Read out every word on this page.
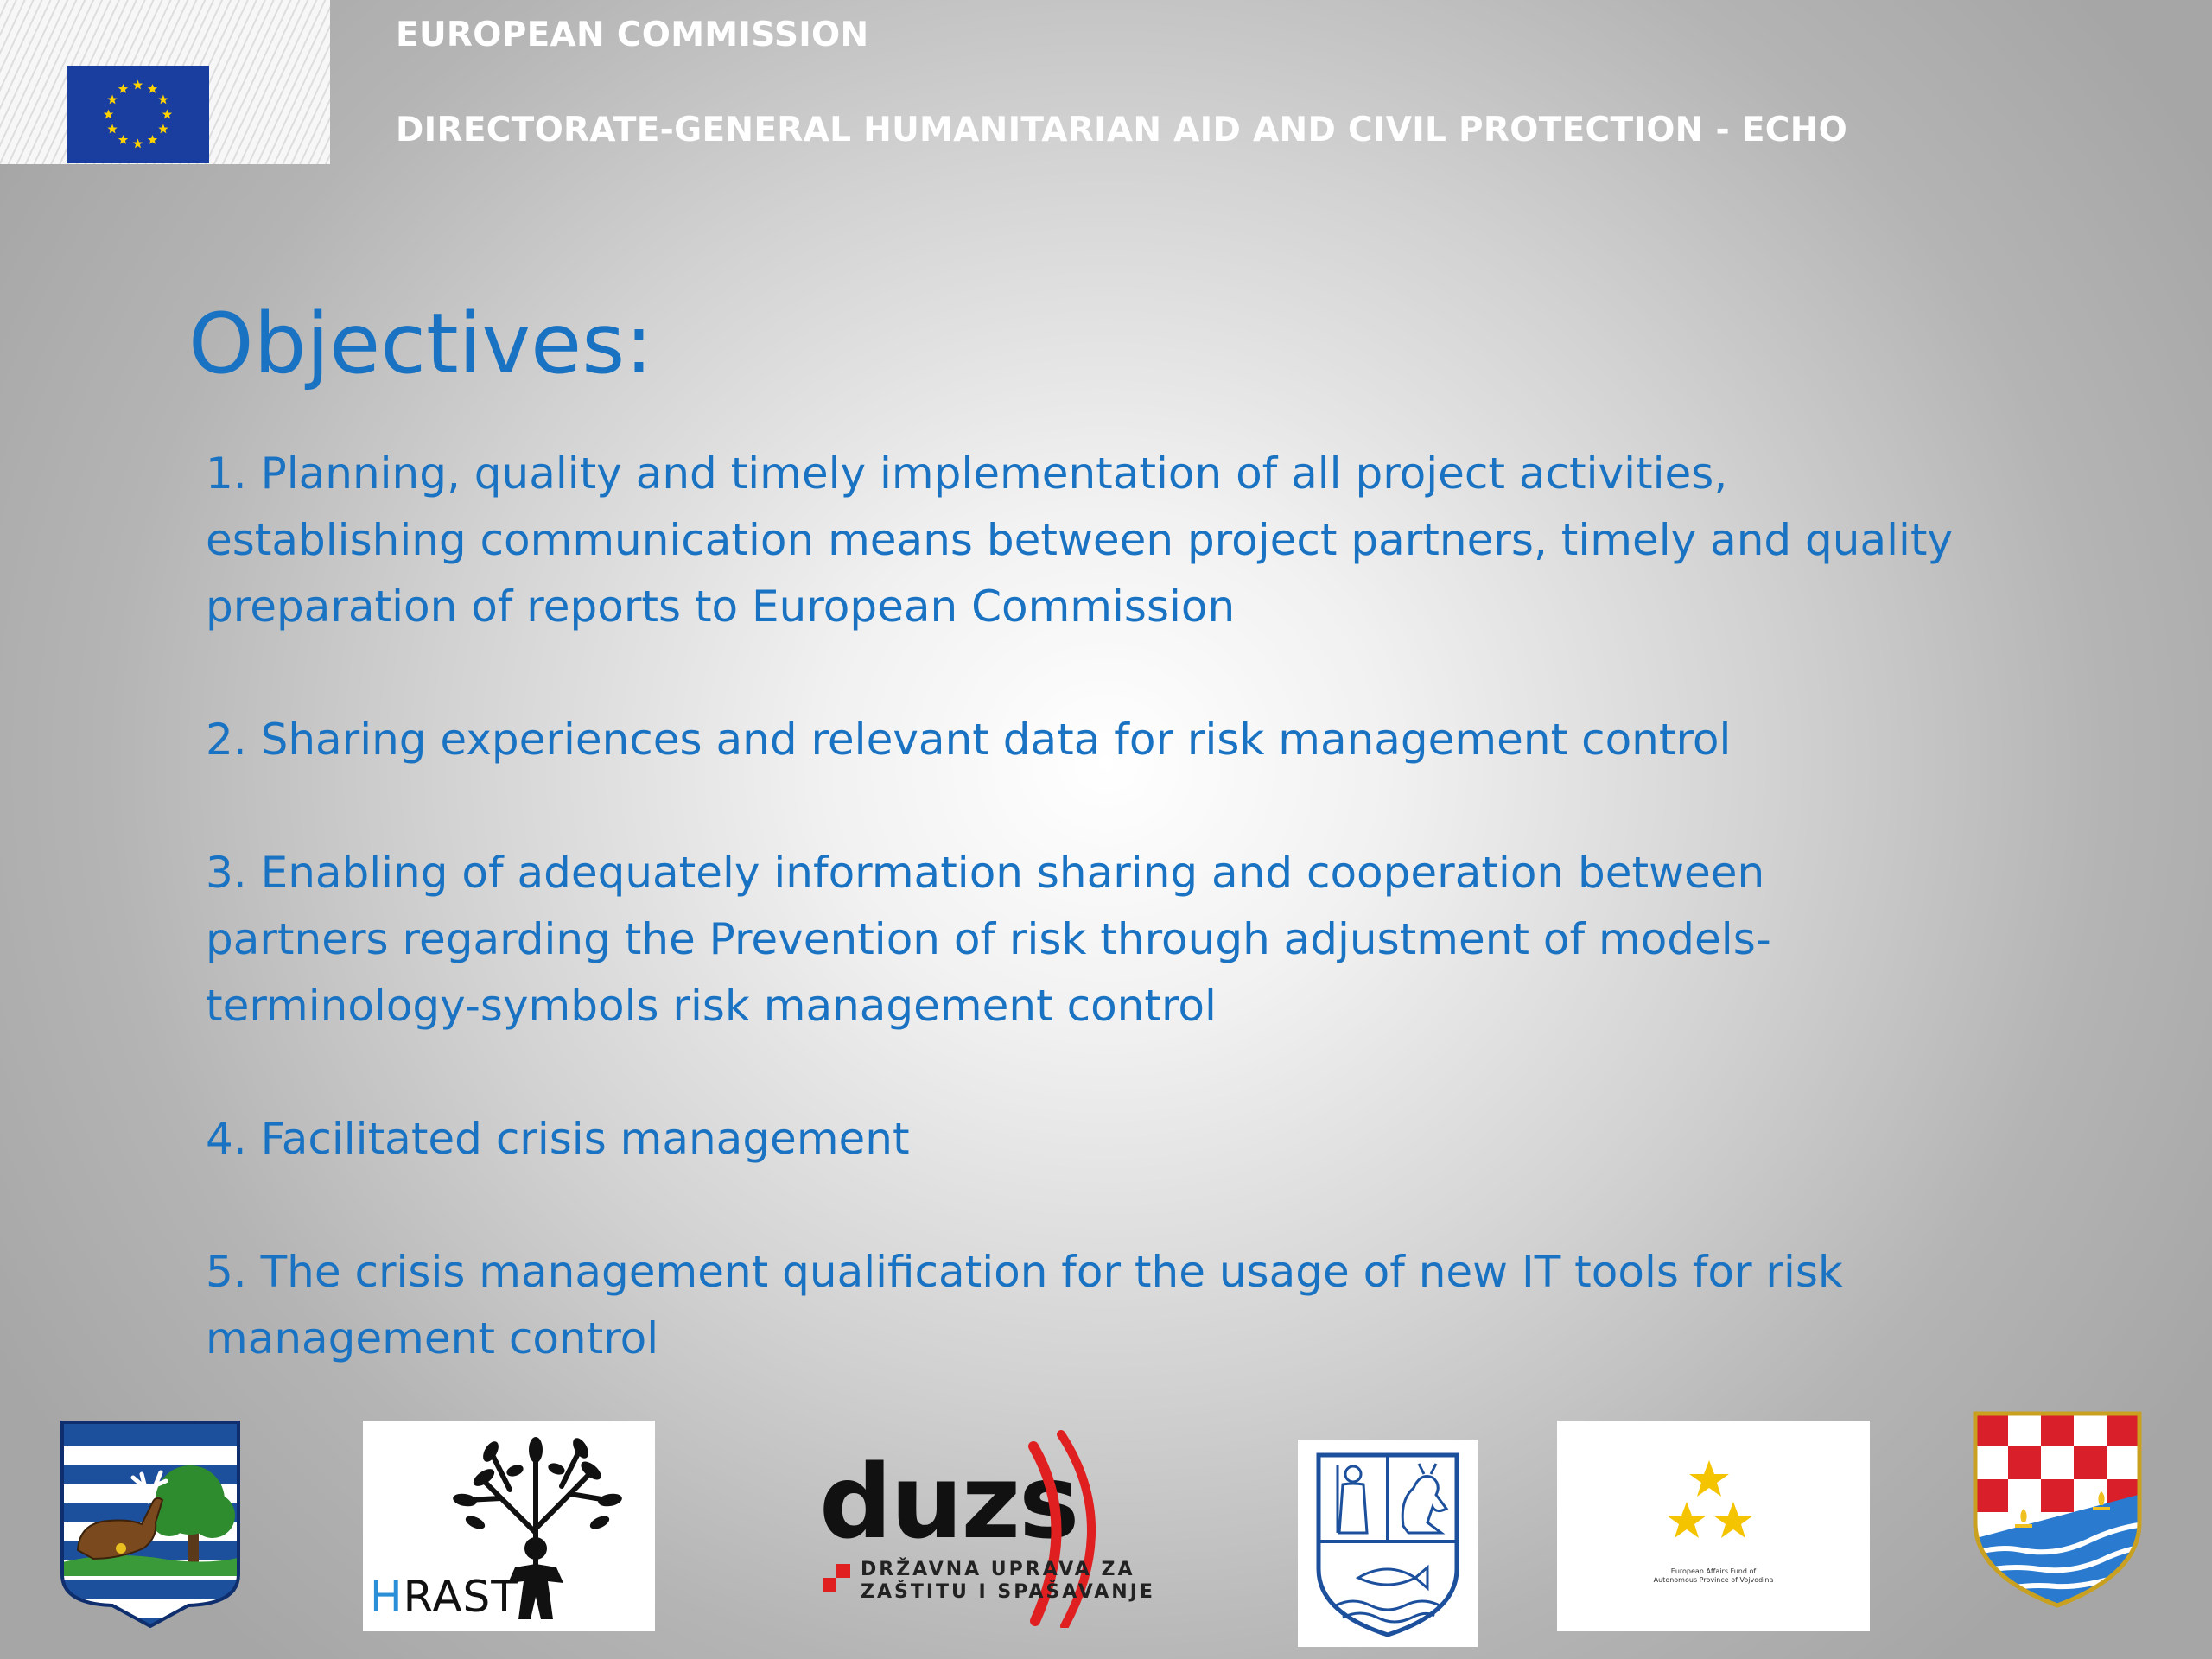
EUROPEAN COMMISSION
DIRECTORATE-GENERAL HUMANITARIAN AID AND CIVIL PROTECTION - ECHO
Objectives:
1. Planning, quality and timely implementation of all project activities,
establishing communication means between project partners, timely and quality
preparation of reports to European Commission
2. Sharing experiences and relevant data for risk management control
3. Enabling of adequately information sharing and cooperation between
partners regarding the Prevention of risk through adjustment of models-
terminology-symbols risk management control
4. Facilitated crisis management
5. The crisis management qualification for the usage of new IT tools for risk
management control
HRAST
duzs
DRŽAVNA UPRAVA ZA
ZAŠTITU I SPAŠAVANJE
European Affairs Fund of
Autonomous Province of Vojvodina
